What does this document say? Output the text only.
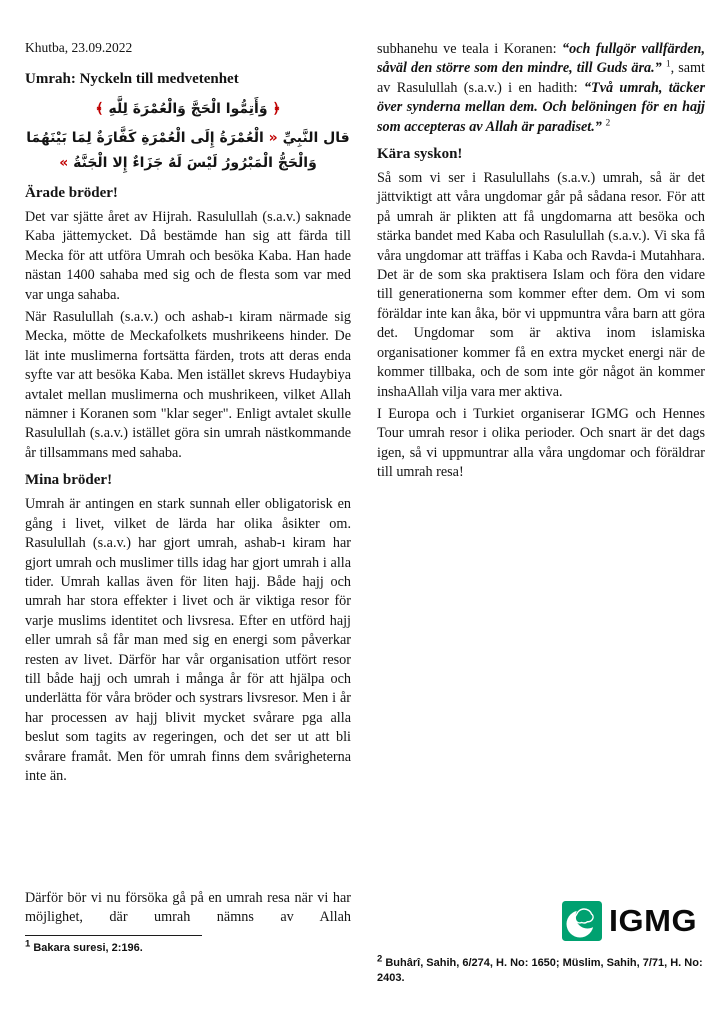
Khutba, 23.09.2022

Umrah: Nyckeln till medvetenhet

﴿ وَأَتِمُّوا الْحَجَّ وَالْعُمْرَةَ لِلَّهِ ﴾
قال النَّبِيِّ « الْعُمْرَةُ إِلَى الْعُمْرَةِ كَفَّارَةٌ لِمَا بَيْنَهُمَا وَالْحَجُّ الْمَبْرُورُ لَيْسَ لَهُ جَزَاءٌ إِلا الْجَنَّةُ »

Ärade bröder!

Det var sjätte året av Hijrah. Rasulullah (s.a.v.) saknade Kaba jättemycket. Då bestämde han sig att färda till Mecka för att utföra Umrah och besöka Kaba. Han hade nästan 1400 sahaba med sig och de flesta som var med var unga sahaba.

När Rasulullah (s.a.v.) och ashab-ı kiram närmade sig Mecka, mötte de Meckafolkets mushrikeens hinder. De lät inte muslimerna fortsätta färden, trots att deras enda syfte var att besöka Kaba. Men istället skrevs Hudaybiya avtalet mellan muslimerna och mushrikeen, vilket Allah nämner i Koranen som "klar seger". Enligt avtalet skulle Rasulullah (s.a.v.) istället göra sin umrah nästkommande år tillsammans med sahaba.

Mina bröder!

Umrah är antingen en stark sunnah eller obligatorisk en gång i livet, vilket de lärda har olika åsikter om. Rasulullah (s.a.v.) har gjort umrah, ashab-ı kiram har gjort umrah och muslimer tills idag har gjort umrah i alla tider. Umrah kallas även för liten hajj. Både hajj och umrah har stora effekter i livet och är viktiga resor för varje muslims identitet och livsresa. Efter en utförd hajj eller umrah så får man med sig en energi som påverkar resten av livet. Därför har vår organisation utfört resor till både hajj och umrah i många år för att hjälpa och underlätta för våra bröder och systrars livsresor. Men i år har processen av hajj blivit mycket svårare pga alla beslut som tagits av regeringen, och det ser ut att bli svårare framåt. Men för umrah finns dem svårigheterna inte än.

Därför bör vi nu försöka gå på en umrah resa när vi har möjlighet, där umrah nämns av Allah

$^1$ Bakara suresi, 2:196.

subhanehu ve teala i Koranen: “och fullgör vallfärden, såväl den större som den mindre, till Guds ära.” $^1$, samt av Rasulullah (s.a.v.) i en hadith: “Två umrah, täcker över synderna mellan dem. Och belöningen för en hajj som accepteras av Allah är paradiset.” $^2$

Kära syskon!

Så som vi ser i Rasulullahs (s.a.v.) umrah, så är det jättviktigt att våra ungdomar går på sådana resor. För att på umrah är plikten att få ungdomarna att besöka och stärka bandet med Kaba och Rasulullah (s.a.v.). Vi ska få våra ungdomar att träffas i Kaba och Ravda-i Mutahhara. Det är de som ska praktisera Islam och föra den vidare till generationerna som kommer efter dem. Om vi som föräldar inte kan åka, bör vi uppmuntra våra barn att göra det. Ungdomar som är aktiva inom islamiska organisationer kommer få en extra mycket energi när de kommer tillbaka, och de som inte gör något än kommer inshaAllah vilja vara mer aktiva.

I Europa och i Turkiet organiserar IGMG och Hennes Tour umrah resor i olika perioder. Och snart är det dags igen, så vi uppmuntrar alla våra ungdomar och föräldrar till umrah resa!

IGMG

$^2$ Buhârî, Sahih, 6/274, H. No: 1650; Müslim, Sahih, 7/71, H. No: 2403.
